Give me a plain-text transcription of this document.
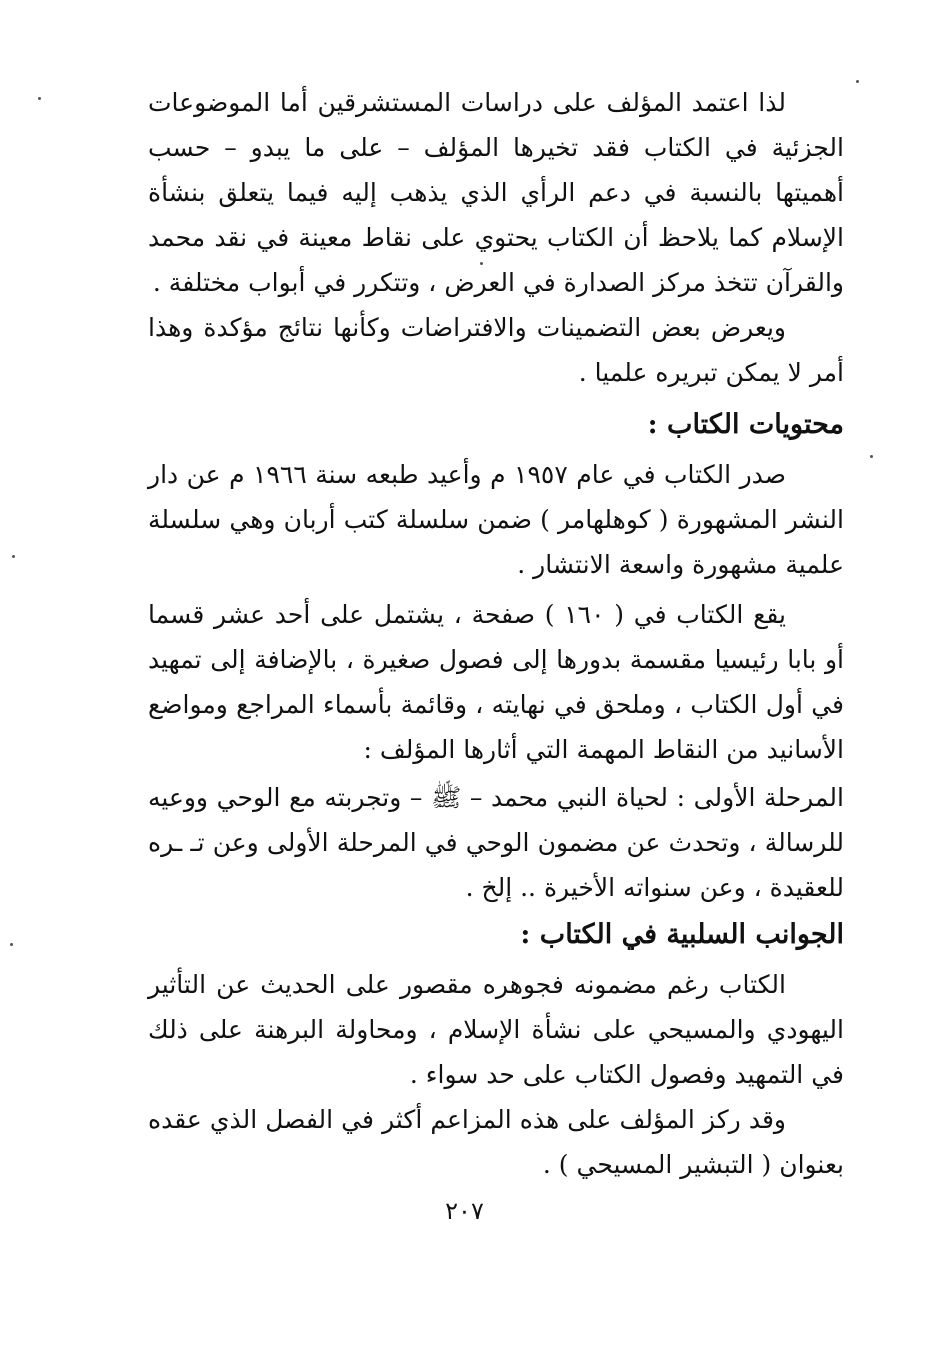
لذا اعتمد المؤلف على دراسات المستشرقين أما الموضوعات الجزئية في الكتاب فقد تخيرها المؤلف – على ما يبدو – حسب أهميتها بالنسبة في دعم الرأي الذي يذهب إليه فيما يتعلق بنشأة الإسلام كما يلاحظ أن الكتاب يحتوي على نقاط معينة في نقد محمد والقرآن تتخذ مركز الصدارة في العرض ، وتتكرر في أبواب مختلفة .
ويعرض بعض التضمينات والافتراضات وكأنها نتائج مؤكدة وهذا أمر لا يمكن تبريره علميا .
محتويات الكتاب :
صدر الكتاب في عام ١٩٥٧ م وأعيد طبعه سنة ١٩٦٦ م عن دار النشر المشهورة ( كوهلهامر ) ضمن سلسلة كتب أربان وهي سلسلة علمية مشهورة واسعة الانتشار .
يقع الكتاب في ( ١٦٠ ) صفحة ، يشتمل على أحد عشر قسما أو بابا رئيسيا مقسمة بدورها إلى فصول صغيرة ، بالإضافة إلى تمهيد في أول الكتاب ، وملحق في نهايته ، وقائمة بأسماء المراجع ومواضع الأسانيد من النقاط المهمة التي أثارها المؤلف :
المرحلة الأولى : لحياة النبي محمد – ﷺ – وتجربته مع الوحي ووعيه للرسالة ، وتحدث عن مضمون الوحي في المرحلة الأولى وعن تـ ـره للعقيدة ، وعن سنواته الأخيرة .. إلخ .
الجوانب السلبية في الكتاب :
الكتاب رغم مضمونه فجوهره مقصور على الحديث عن التأثير اليهودي والمسيحي على نشأة الإسلام ، ومحاولة البرهنة على ذلك في التمهيد وفصول الكتاب على حد سواء .
وقد ركز المؤلف على هذه المزاعم أكثر في الفصل الذي عقده بعنوان ( التبشير المسيحي ) .
٢٠٧
